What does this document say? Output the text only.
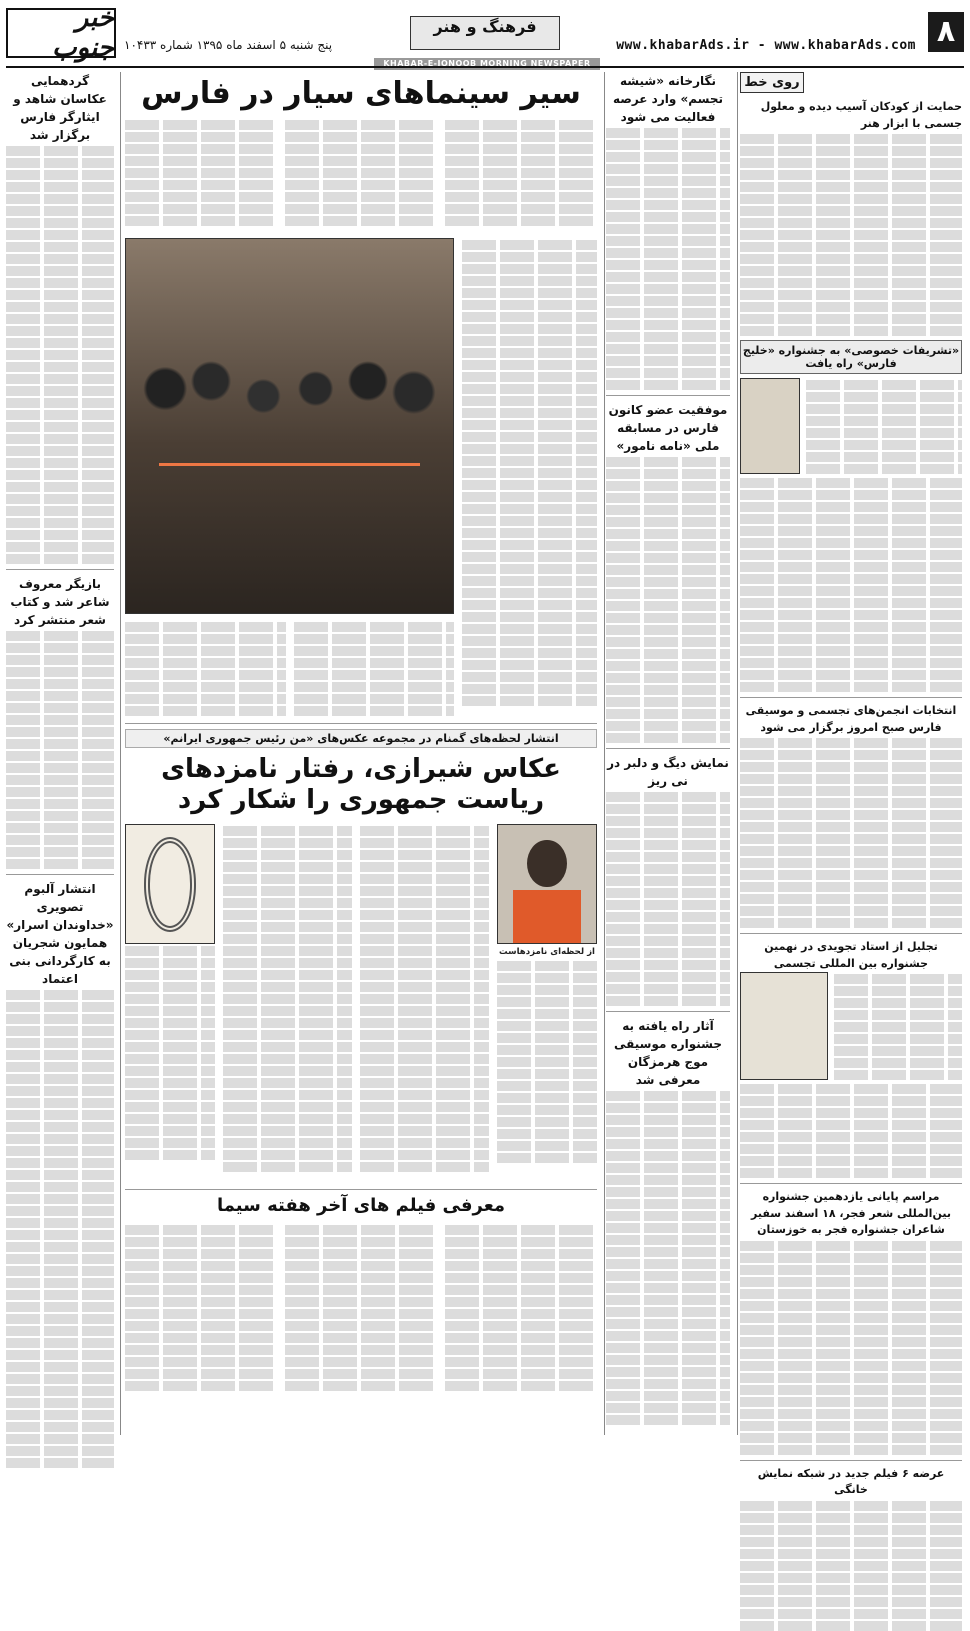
۸
www.khabarAds.ir - www.khabarAds.com
فرهنگ و هنر
پنج شنبه ۵ اسفند ماه ۱۳۹۵ شماره ۱۰۴۳۳
خبر جنوب
KHABAR-E-JONOOB MORNING NEWSPAPER
روی خط
حمایت از کودکان آسیب دیده و معلول جسمی با ابزار هنر
«تشریفات خصوصی» به جشنواره «خلیج فارس» راه یافت
انتخابات انجمن‌های تجسمی و موسیقی فارس صبح امروز برگزار می شود
تجلیل از استاد تجویدی در نهمین جشنواره بین المللی تجسمی
مراسم پایانی یازدهمین جشنواره بین‌المللی شعر فجر، ۱۸ اسفند سفیر شاعران جشنواره فجر به خوزستان
عرضه ۶ فیلم جدید در شبکه نمایش خانگی
نگارخانه «شیشه تجسم» وارد عرصه فعالیت می شود
موفقیت عضو کانون فارس در مسابقه ملی «نامه نامور»
نمایش دیگ و دلبر در نی ریز
آثار راه یافته به جشنواره موسیقی موج هرمزگان معرفی شد
سیر سینماهای سیار در فارس
انتشار لحظه‌های گمنام در مجموعه عکس‌های «من رئیس جمهوری ایرانم»
عکاس شیرازی، رفتار نامزدهای ریاست جمهوری را شکار کرد
از لحظه‌ای نامزدهاست
معرفی فیلم های آخر هفته سیما
گردهمایی عکاسان شاهد و ایثارگر فارس برگزار شد
بازیگر معروف شاعر شد و کتاب شعر منتشر کرد
انتشار آلبوم تصویری «خداوندان اسرار» همایون شجریان به کارگردانی بنی اعتماد
